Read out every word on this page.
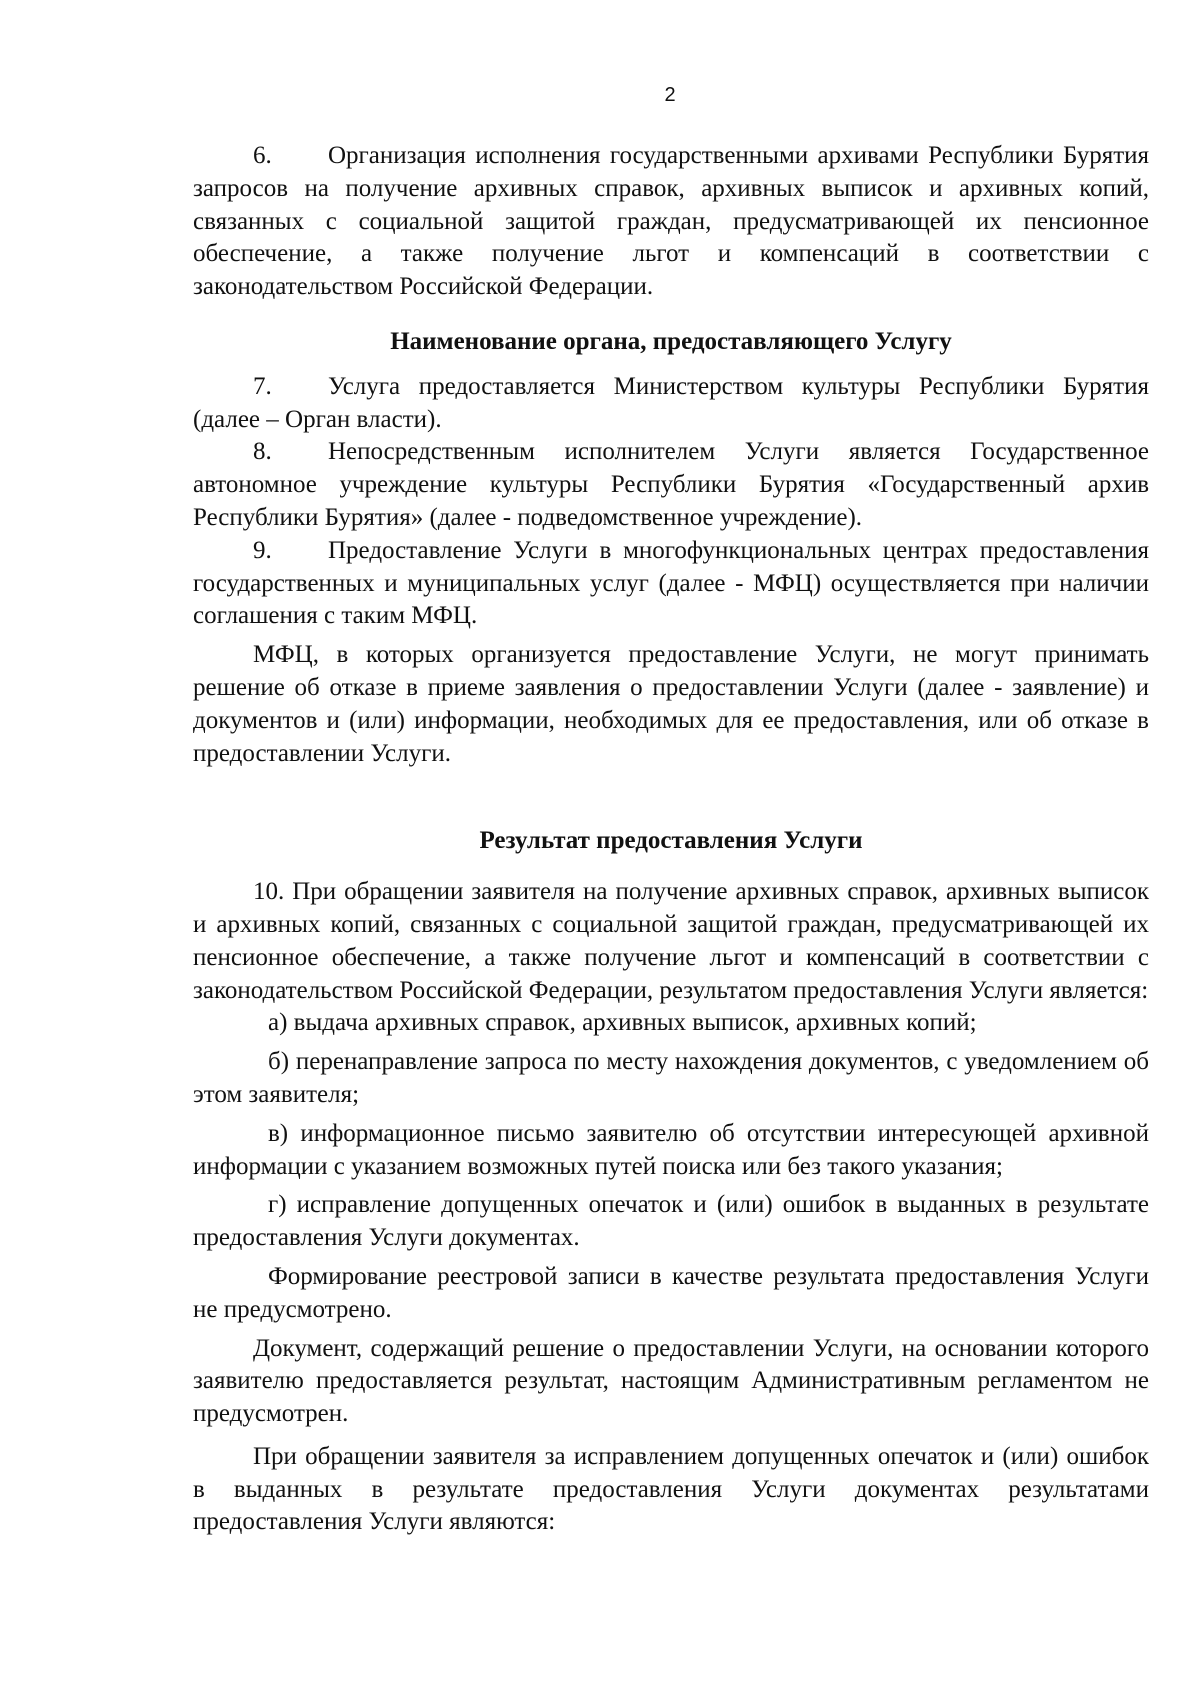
2

6. Организация исполнения государственными архивами Республики Бурятия запросов на получение архивных справок, архивных выписок и архивных копий, связанных с социальной защитой граждан, предусматривающей их пенсионное обеспечение, а также получение льгот и компенсаций в соответствии с законодательством Российской Федерации.

Наименование органа, предоставляющего Услугу

7. Услуга предоставляется Министерством культуры Республики Бурятия (далее – Орган власти).

8. Непосредственным исполнителем Услуги является Государственное автономное учреждение культуры Республики Бурятия «Государственный архив Республики Бурятия» (далее - подведомственное учреждение).

9. Предоставление Услуги в многофункциональных центрах предоставления государственных и муниципальных услуг (далее - МФЦ) осуществляется при наличии соглашения с таким МФЦ.

МФЦ, в которых организуется предоставление Услуги, не могут принимать решение об отказе в приеме заявления о предоставлении Услуги (далее - заявление) и документов и (или) информации, необходимых для ее предоставления, или об отказе в предоставлении Услуги.

Результат предоставления Услуги

10. При обращении заявителя на получение архивных справок, архивных выписок и архивных копий, связанных с социальной защитой граждан, предусматривающей их пенсионное обеспечение, а также получение льгот и компенсаций в соответствии с законодательством Российской Федерации, результатом предоставления Услуги является:

а) выдача архивных справок, архивных выписок, архивных копий;

б) перенаправление запроса по месту нахождения документов, с уведомлением об этом заявителя;

в) информационное письмо заявителю об отсутствии интересующей архивной информации с указанием возможных путей поиска или без такого указания;

г) исправление допущенных опечаток и (или) ошибок в выданных в результате предоставления Услуги документах.

Формирование реестровой записи в качестве результата предоставления Услуги не предусмотрено.

Документ, содержащий решение о предоставлении Услуги, на основании которого заявителю предоставляется результат, настоящим Административным регламентом не предусмотрен.

При обращении заявителя за исправлением допущенных опечаток и (или) ошибок в выданных в результате предоставления Услуги документах результатами предоставления Услуги являются:
